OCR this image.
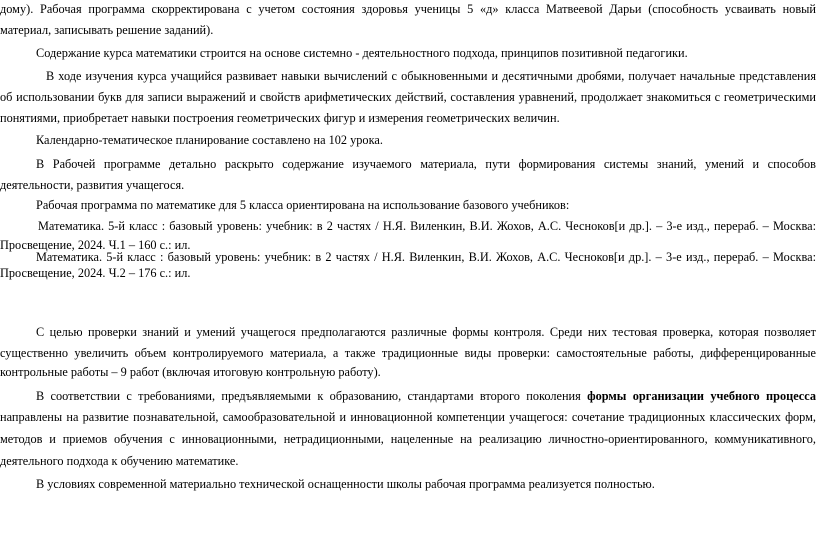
дому). Рабочая программа скорректирована с учетом состояния здоровья ученицы 5 «д» класса Матвеевой Дарьи (способность усваивать новый

материал, записывать решение заданий).

Содержание курса математики строится на основе системно - деятельностного подхода, принципов позитивной педагогики.

В ходе изучения курса учащийся развивает навыки вычислений с обыкновенными и десятичными дробями, получает начальные представления

об использовании букв для записи выражений и свойств арифметических действий, составления уравнений, продолжает знакомиться с геометрическими

понятиями, приобретает навыки построения геометрических фигур и измерения геометрических величин.

Календарно-тематическое планирование составлено на 102 урока.

В Рабочей программе детально раскрыто содержание изучаемого материала, пути формирования системы знаний, умений и способов

деятельности, развития учащегося.

Рабочая программа по математике для 5 класса ориентирована на использование базового учебников:

Математика. 5-й класс : базовый уровень: учебник: в 2 частях / Н.Я. Виленкин, В.И. Жохов, А.С. Чесноков[и др.]. – 3-е изд., перераб. – Москва:

Просвещение, 2024. Ч.1 – 160 с.: ил.

Математика. 5-й класс : базовый уровень: учебник: в 2 частях / Н.Я. Виленкин, В.И. Жохов, А.С. Чесноков[и др.]. – 3-е изд., перераб. – Москва:

Просвещение, 2024. Ч.2 – 176 с.: ил.

С целью проверки знаний и умений учащегося предполагаются различные формы контроля. Среди них тестовая проверка, которая позволяет

существенно увеличить объем контролируемого материала, а также традиционные виды проверки: самостоятельные работы, дифференцированные

контрольные работы – 9 работ (включая итоговую контрольную работу).

В соответствии с требованиями, предъявляемыми к образованию, стандартами второго поколения формы организации учебного процесса

направлены на развитие познавательной, самообразовательной и инновационной компетенции учащегося: сочетание традиционных классических форм,

методов и приемов обучения с инновационными, нетрадиционными, нацеленные на реализацию личностно-ориентированного, коммуникативного,

деятельного подхода к обучению математике.

В условиях современной материально технической оснащенности школы рабочая программа реализуется полностью.
